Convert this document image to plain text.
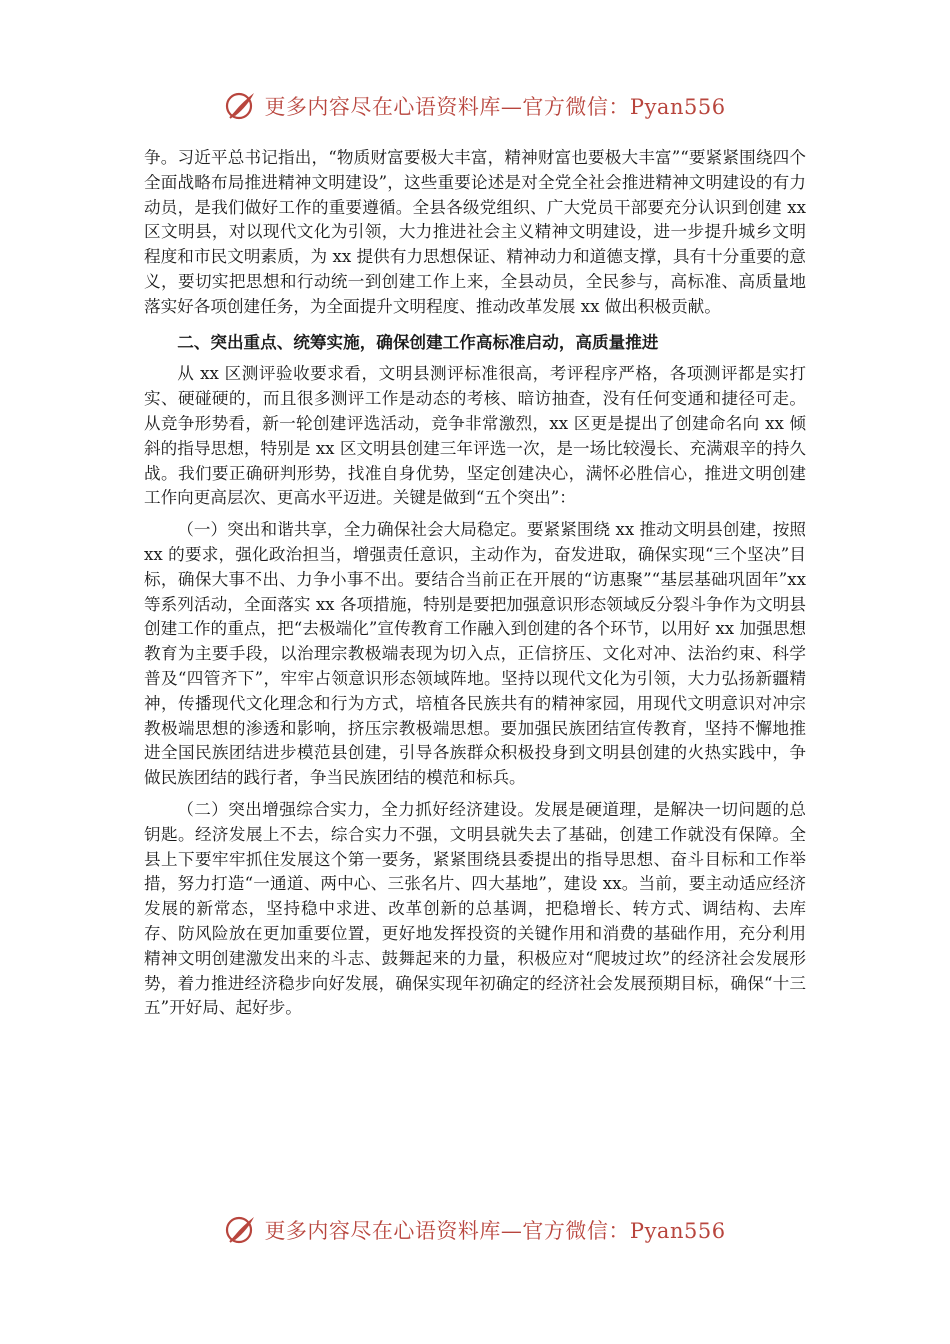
更多内容尽在心语资料库—官方微信：Pyan556

争。习近平总书记指出，“物质财富要极大丰富，精神财富也要极大丰富”“要紧紧围绕四个全面战略布局推进精神文明建设”，这些重要论述是对全党全社会推进精神文明建设的有力动员，是我们做好工作的重要遵循。全县各级党组织、广大党员干部要充分认识到创建 xx 区文明县，对以现代文化为引领，大力推进社会主义精神文明建设，进一步提升城乡文明程度和市民文明素质，为 xx 提供有力思想保证、精神动力和道德支撑，具有十分重要的意义，要切实把思想和行动统一到创建工作上来，全县动员，全民参与，高标准、高质量地落实好各项创建任务，为全面提升文明程度、推动改革发展 xx 做出积极贡献。

二、突出重点、统筹实施，确保创建工作高标准启动，高质量推进

从 xx 区测评验收要求看，文明县测评标准很高，考评程序严格，各项测评都是实打实、硬碰硬的，而且很多测评工作是动态的考核、暗访抽查，没有任何变通和捷径可走。从竞争形势看，新一轮创建评选活动，竞争非常激烈，xx 区更是提出了创建命名向 xx 倾斜的指导思想，特别是 xx 区文明县创建三年评选一次，是一场比较漫长、充满艰辛的持久战。我们要正确研判形势，找准自身优势，坚定创建决心，满怀必胜信心，推进文明创建工作向更高层次、更高水平迈进。关键是做到“五个突出”：

（一）突出和谐共享，全力确保社会大局稳定。要紧紧围绕 xx 推动文明县创建，按照 xx 的要求，强化政治担当，增强责任意识，主动作为，奋发进取，确保实现“三个坚决”目标，确保大事不出、力争小事不出。要结合当前正在开展的“访惠聚”“基层基础巩固年”xx 等系列活动，全面落实 xx 各项措施，特别是要把加强意识形态领域反分裂斗争作为文明县创建工作的重点，把“去极端化”宣传教育工作融入到创建的各个环节，以用好 xx 加强思想教育为主要手段，以治理宗教极端表现为切入点，正信挤压、文化对冲、法治约束、科学普及“四管齐下”，牢牢占领意识形态领域阵地。坚持以现代文化为引领，大力弘扬新疆精神，传播现代文化理念和行为方式，培植各民族共有的精神家园，用现代文明意识对冲宗教极端思想的渗透和影响，挤压宗教极端思想。要加强民族团结宣传教育，坚持不懈地推进全国民族团结进步模范县创建，引导各族群众积极投身到文明县创建的火热实践中，争做民族团结的践行者，争当民族团结的模范和标兵。

（二）突出增强综合实力，全力抓好经济建设。发展是硬道理，是解决一切问题的总钥匙。经济发展上不去，综合实力不强，文明县就失去了基础，创建工作就没有保障。全县上下要牢牢抓住发展这个第一要务，紧紧围绕县委提出的指导思想、奋斗目标和工作举措，努力打造“一通道、两中心、三张名片、四大基地”，建设 xx。当前，要主动适应经济发展的新常态，坚持稳中求进、改革创新的总基调，把稳增长、转方式、调结构、去库存、防风险放在更加重要位置，更好地发挥投资的关键作用和消费的基础作用，充分利用精神文明创建激发出来的斗志、鼓舞起来的力量，积极应对“爬坡过坎”的经济社会发展形势，着力推进经济稳步向好发展，确保实现年初确定的经济社会发展预期目标，确保“十三五”开好局、起好步。

更多内容尽在心语资料库—官方微信：Pyan556
